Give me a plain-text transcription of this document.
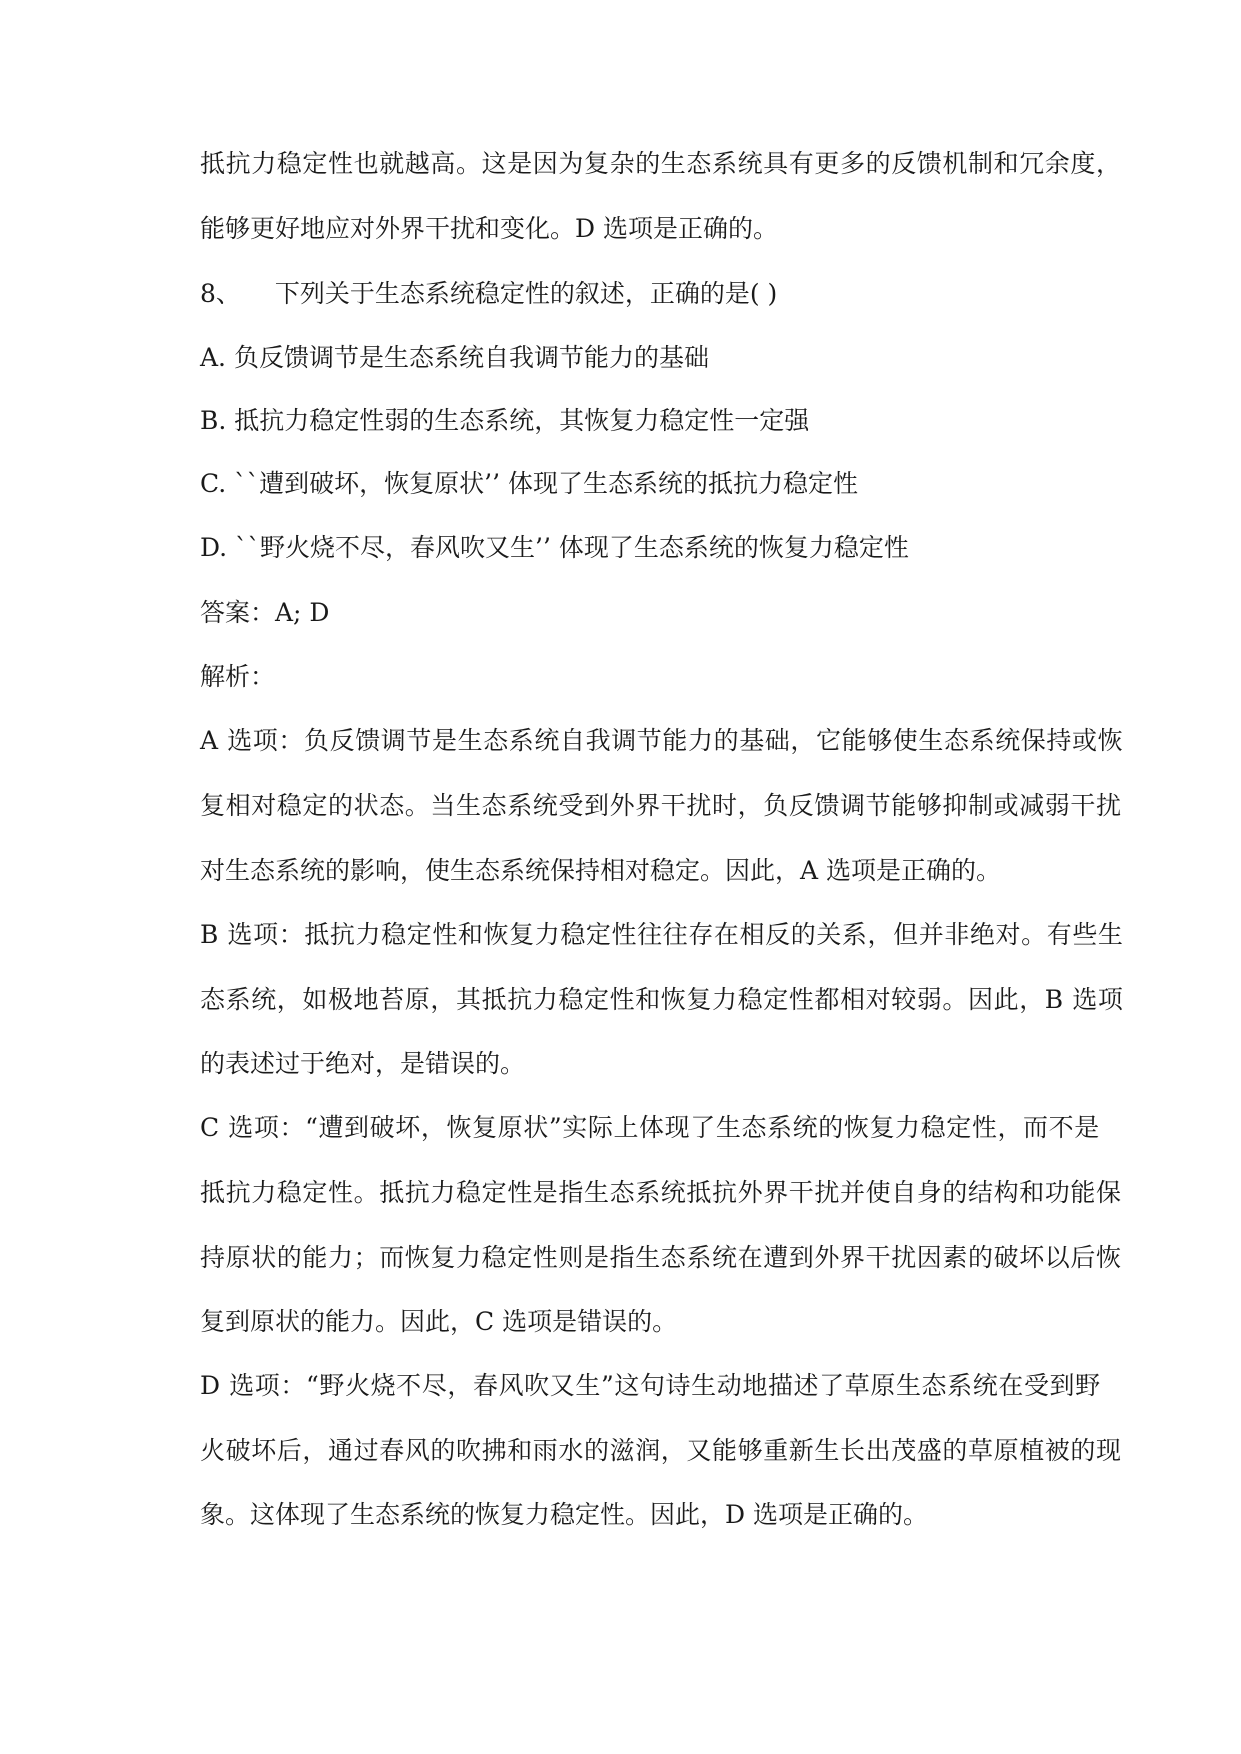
抵抗力稳定性也就越高。这是因为复杂的生态系统具有更多的反馈机制和冗余度，
能够更好地应对外界干扰和变化。D 选项是正确的。
8、 下列关于生态系统稳定性的叙述，正确的是( )
A. 负反馈调节是生态系统自我调节能力的基础
B. 抵抗力稳定性弱的生态系统，其恢复力稳定性一定强
C. ``遭到破坏，恢复原状’’ 体现了生态系统的抵抗力稳定性
D. ``野火烧不尽，春风吹又生’’ 体现了生态系统的恢复力稳定性
答案：A; D
解析：
A 选项：负反馈调节是生态系统自我调节能力的基础，它能够使生态系统保持或恢
复相对稳定的状态。当生态系统受到外界干扰时，负反馈调节能够抑制或减弱干扰
对生态系统的影响，使生态系统保持相对稳定。因此，A 选项是正确的。
B 选项：抵抗力稳定性和恢复力稳定性往往存在相反的关系，但并非绝对。有些生
态系统，如极地苔原，其抵抗力稳定性和恢复力稳定性都相对较弱。因此，B 选项
的表述过于绝对，是错误的。
C 选项：“遭到破坏，恢复原状”实际上体现了生态系统的恢复力稳定性，而不是
抵抗力稳定性。抵抗力稳定性是指生态系统抵抗外界干扰并使自身的结构和功能保
持原状的能力；而恢复力稳定性则是指生态系统在遭到外界干扰因素的破坏以后恢
复到原状的能力。因此，C 选项是错误的。
D 选项：“野火烧不尽，春风吹又生”这句诗生动地描述了草原生态系统在受到野
火破坏后，通过春风的吹拂和雨水的滋润，又能够重新生长出茂盛的草原植被的现
象。这体现了生态系统的恢复力稳定性。因此，D 选项是正确的。
